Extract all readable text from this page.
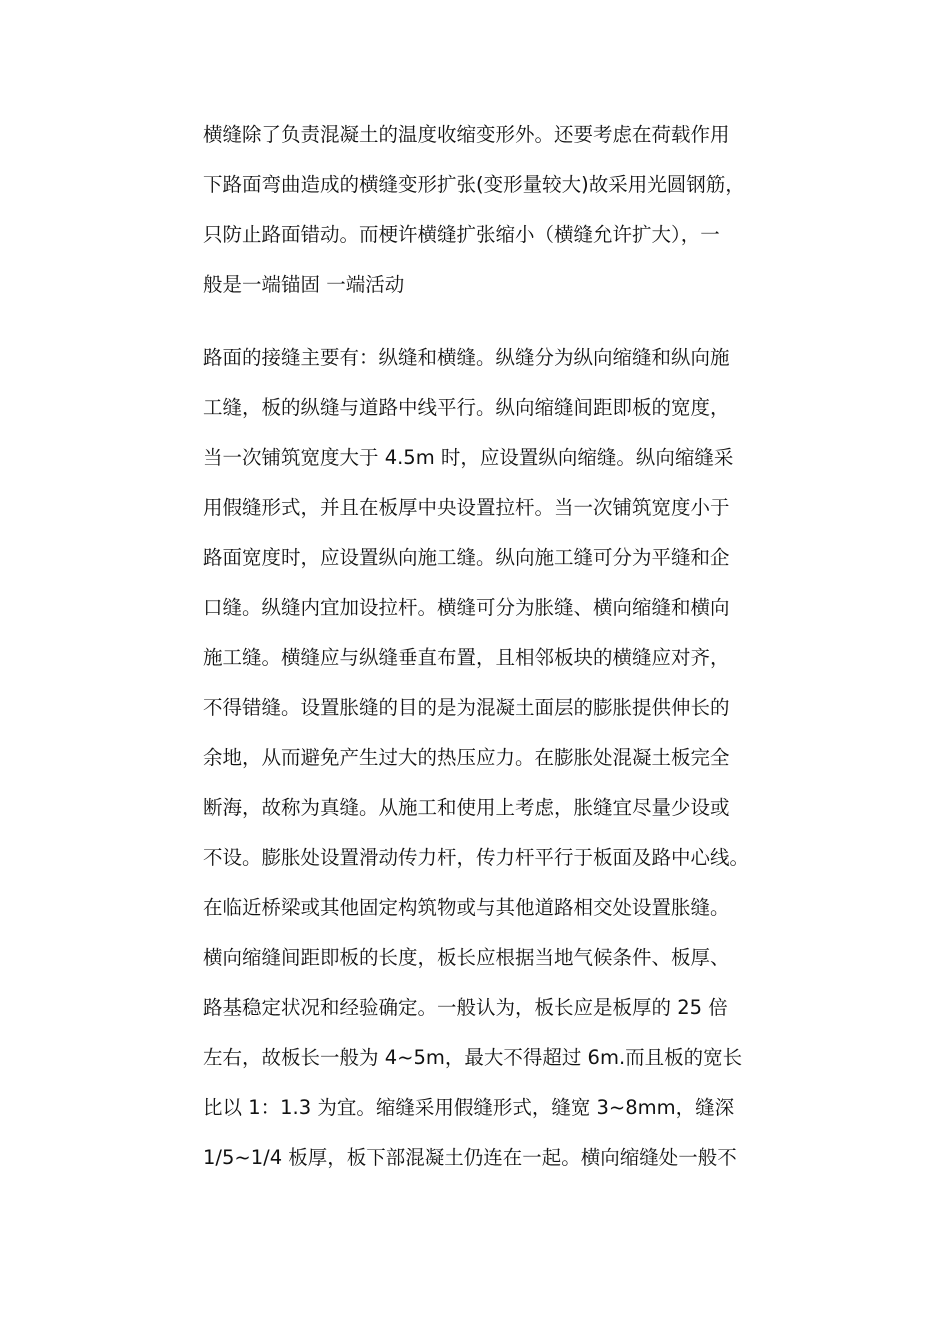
横缝除了负责混凝土的温度收缩变形外。还要考虑在荷载作用
下路面弯曲造成的横缝变形扩张(变形量较大)故采用光圆钢筋，
只防止路面错动。而梗许横缝扩张缩小（横缝允许扩大），一
般是一端锚固 一端活动
路面的接缝主要有：纵缝和横缝。纵缝分为纵向缩缝和纵向施
工缝，板的纵缝与道路中线平行。纵向缩缝间距即板的宽度，
当一次铺筑宽度大于 4.5m 时，应设置纵向缩缝。纵向缩缝采
用假缝形式，并且在板厚中央设置拉杆。当一次铺筑宽度小于
路面宽度时，应设置纵向施工缝。纵向施工缝可分为平缝和企
口缝。纵缝内宜加设拉杆。横缝可分为胀缝、横向缩缝和横向
施工缝。横缝应与纵缝垂直布置，且相邻板块的横缝应对齐，
不得错缝。设置胀缝的目的是为混凝土面层的膨胀提供伸长的
余地，从而避免产生过大的热压应力。在膨胀处混凝土板完全
断海，故称为真缝。从施工和使用上考虑，胀缝宜尽量少设或
不设。膨胀处设置滑动传力杆，传力杆平行于板面及路中心线。
在临近桥梁或其他固定构筑物或与其他道路相交处设置胀缝。
横向缩缝间距即板的长度，板长应根据当地气候条件、板厚、
路基稳定状况和经验确定。一般认为，板长应是板厚的 25 倍
左右，故板长一般为 4~5m，最大不得超过 6m.而且板的宽长
比以 1：1.3 为宜。缩缝采用假缝形式，缝宽 3~8mm，缝深
1/5~1/4 板厚，板下部混凝土仍连在一起。横向缩缝处一般不
